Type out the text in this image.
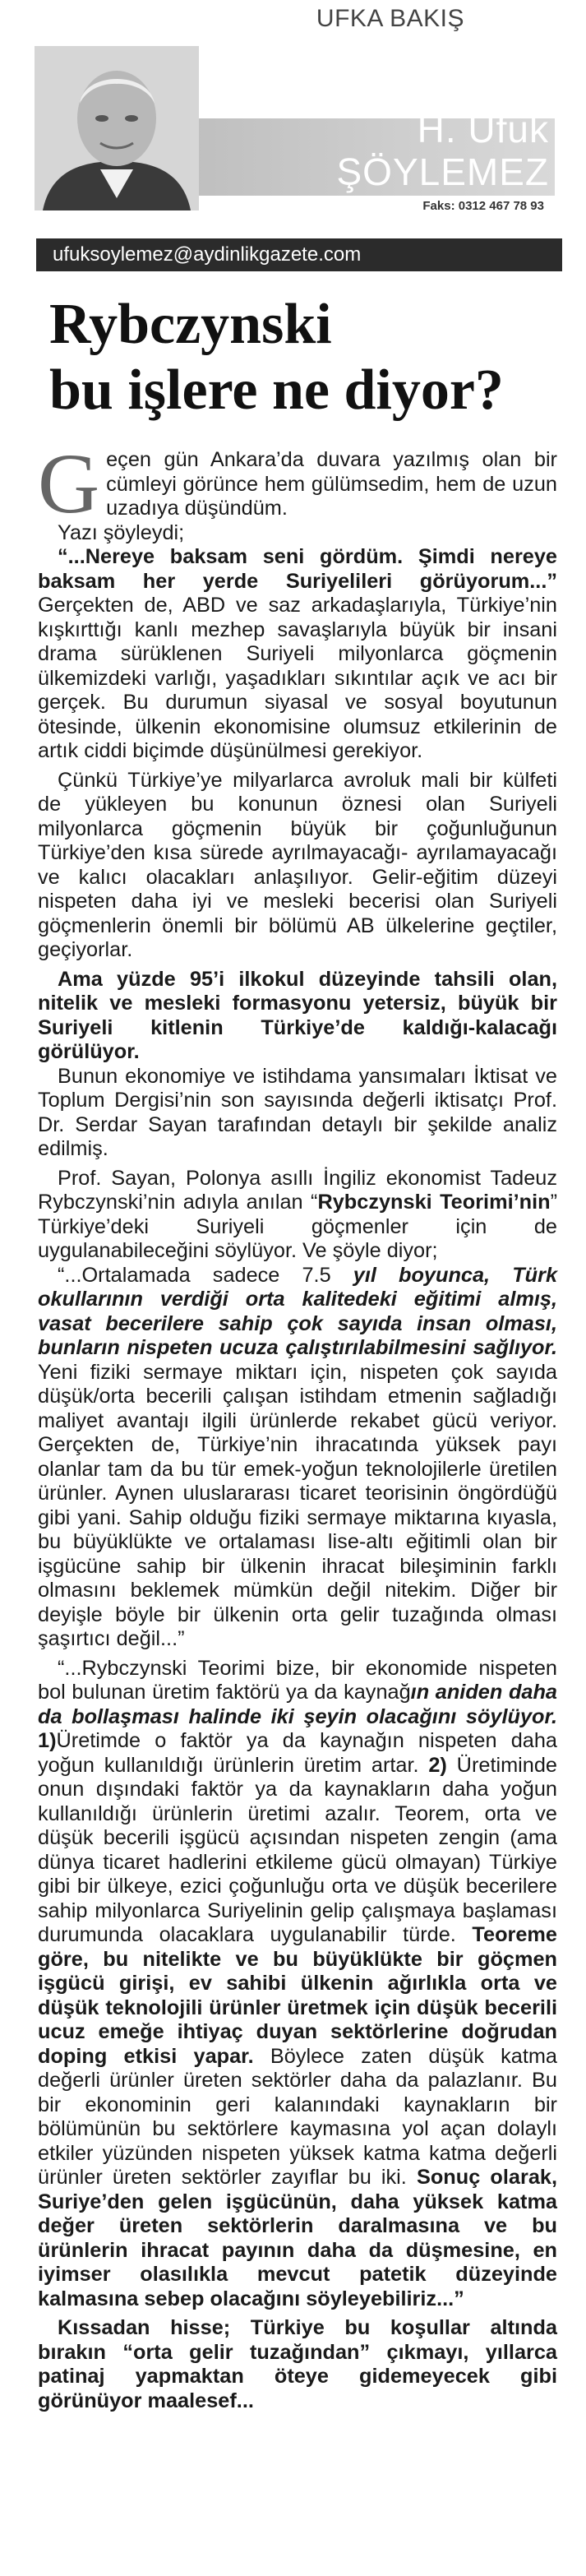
UFKA BAKIŞ
H. Ufuk
ŞÖYLEMEZ
Faks: 0312 467 78 93
ufuksoylemez@aydinlikgazete.com
Rybczynski
bu işlere ne diyor?

Geçen gün Ankara’da duvara yazılmış olan bir cümleyi görünce hem gülümsedim, hem de uzun uzadıya düşündüm.

Yazı şöyleydi;

“...Nereye baksam seni gördüm. Şimdi nereye baksam her yerde Suriyelileri görüyorum...” Gerçekten de, ABD ve saz arkadaşlarıyla, Türkiye’nin kışkırttığı kanlı mezhep savaşlarıyla büyük bir insani drama sürüklenen Suriyeli milyonlarca göçmenin ülkemizdeki varlığı, yaşadıkları sıkıntılar açık ve acı bir gerçek. Bu durumun siyasal ve sosyal boyutunun ötesinde, ülkenin ekonomisine olumsuz etkilerinin de artık ciddi biçimde düşünülmesi gerekiyor.

Çünkü Türkiye’ye milyarlarca avroluk mali bir külfeti de yükleyen bu konunun öznesi olan Suriyeli milyonlarca göçmenin büyük bir çoğunluğunun Türkiye’den kısa sürede ayrılmayacağı- ayrılamayacağı ve kalıcı olacakları anlaşılıyor. Gelir-eğitim düzeyi nispeten daha iyi ve mesleki becerisi olan Suriyeli göçmenlerin önemli bir bölümü AB ülkelerine geçtiler, geçiyorlar.

Ama yüzde 95’i ilkokul düzeyinde tahsili olan, nitelik ve mesleki formasyonu yetersiz, büyük bir Suriyeli kitlenin Türkiye’de kaldığı-kalacağı görülüyor.

Bunun ekonomiye ve istihdama yansımaları İktisat ve Toplum Dergisi’nin son sayısında değerli iktisatçı Prof. Dr. Serdar Sayan tarafından detaylı bir şekilde analiz edilmiş.

Prof. Sayan, Polonya asıllı İngiliz ekonomist Tadeuz Rybczynski’nin adıyla anılan “Rybczynski Teorimi’nin” Türkiye’deki Suriyeli göçmenler için de uygulanabileceğini söylüyor. Ve şöyle diyor;

“...Ortalamada sadece 7.5 yıl boyunca, Türk okullarının verdiği orta kalitedeki eğitimi almış, vasat becerilere sahip çok sayıda insan olması, bunların nispeten ucuza çalıştırılabilmesini sağlıyor. Yeni fiziki sermaye miktarı için, nispeten çok sayıda düşük/orta becerili çalışan istihdam etmenin sağladığı maliyet avantajı ilgili ürünlerde rekabet gücü veriyor. Gerçekten de, Türkiye’nin ihracatında yüksek payı olanlar tam da bu tür emek-yoğun teknolojilerle üretilen ürünler. Aynen uluslararası ticaret teorisinin öngördüğü gibi yani. Sahip olduğu fiziki sermaye miktarına kıyasla, bu büyüklükte ve ortalaması lise-altı eğitimli olan bir işgücüne sahip bir ülkenin ihracat bileşiminin farklı olmasını beklemek mümkün değil nitekim. Diğer bir deyişle böyle bir ülkenin orta gelir tuzağında olması şaşırtıcı değil...”

“...Rybczynski Teorimi bize, bir ekonomide nispeten bol bulunan üretim faktörü ya da kaynağın aniden daha da bollaşması halinde iki şeyin olacağını söylüyor. 1)Üretimde o faktör ya da kaynağın nispeten daha yoğun kullanıldığı ürünlerin üretim artar. 2) Üretiminde onun dışındaki faktör ya da kaynakların daha yoğun kullanıldığı ürünlerin üretimi azalır. Teorem, orta ve düşük becerili işgücü açısından nispeten zengin (ama dünya ticaret hadlerini etkileme gücü olmayan) Türkiye gibi bir ülkeye, ezici çoğunluğu orta ve düşük becerilere sahip milyonlarca Suriyelinin gelip çalışmaya başlaması durumunda olacaklara uygulanabilir türde. Teoreme göre, bu nitelikte ve bu büyüklükte bir göçmen işgücü girişi, ev sahibi ülkenin ağırlıkla orta ve düşük teknolojili ürünler üretmek için düşük becerili ucuz emeğe ihtiyaç duyan sektörlerine doğrudan doping etkisi yapar. Böylece zaten düşük katma değerli ürünler üreten sektörler daha da palazlanır. Bu bir ekonominin geri kalanındaki kaynakların bir bölümünün bu sektörlere kaymasına yol açan dolaylı etkiler yüzünden nispeten yüksek katma katma değerli ürünler üreten sektörler zayıflar bu iki. Sonuç olarak, Suriye’den gelen işgücünün, daha yüksek katma değer üreten sektörlerin daralmasına ve bu ürünlerin ihracat payının daha da düşmesine, en iyimser olasılıkla mevcut patetik düzeyinde kalmasına sebep olacağını söyleyebiliriz...”

Kıssadan hisse; Türkiye bu koşullar altında bırakın “orta gelir tuzağından” çıkmayı, yıllarca patinaj yapmaktan öteye gidemeyecek gibi görünüyor maalesef...
